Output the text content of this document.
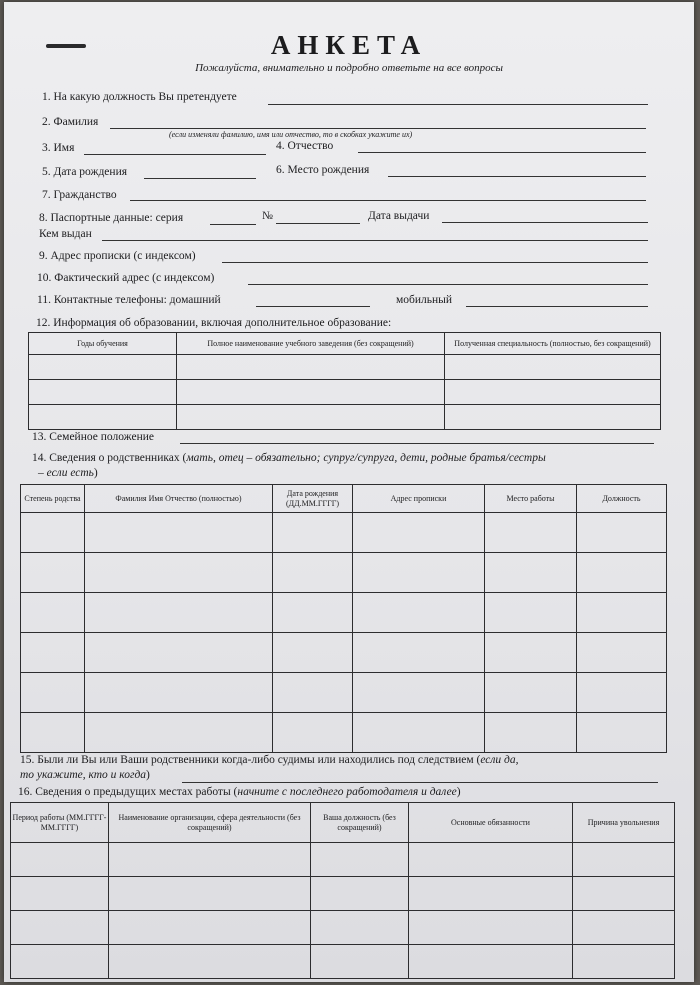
АНКЕТА
Пожалуйста, внимательно и подробно ответьте на все вопросы
1. На какую должность Вы претендуете
2. Фамилия
(если изменяли фамилию, имя или отчество, то в скобках укажите их)
3. Имя	4. Отчество
5. Дата рождения	6. Место рождения
7. Гражданство
8. Паспортные данные: серия	№	Дата выдачи
Кем выдан
9. Адрес прописки (с индексом)
10. Фактический адрес (с индексом)
11. Контактные телефоны: домашний	мобильный
12. Информация об образовании, включая дополнительное образование:
Годы обучения	Полное наименование учебного заведения (без сокращений)	Полученная специальность (полностью, без сокращений)

13. Семейное положение
14. Сведения о родственниках (мать, отец – обязательно; супруг/супруга, дети, родные братья/сестры
– если есть)
Степень родства	Фамилия Имя Отчество (полностью)	Дата рождения (ДД.ММ.ГГГГ)	Адрес прописки	Место работы	Должность

15. Были ли Вы или Ваши родственники когда-либо судимы или находились под следствием (если да,
то укажите, кто и когда)
16. Сведения о предыдущих местах работы (начните с последнего работодателя и далее)
Период работы (ММ.ГГГГ- ММ.ГГГГ)	Наименование организации, сфера деятельности (без сокращений)	Ваша должность (без сокращений)	Основные обязанности	Причина увольнения
